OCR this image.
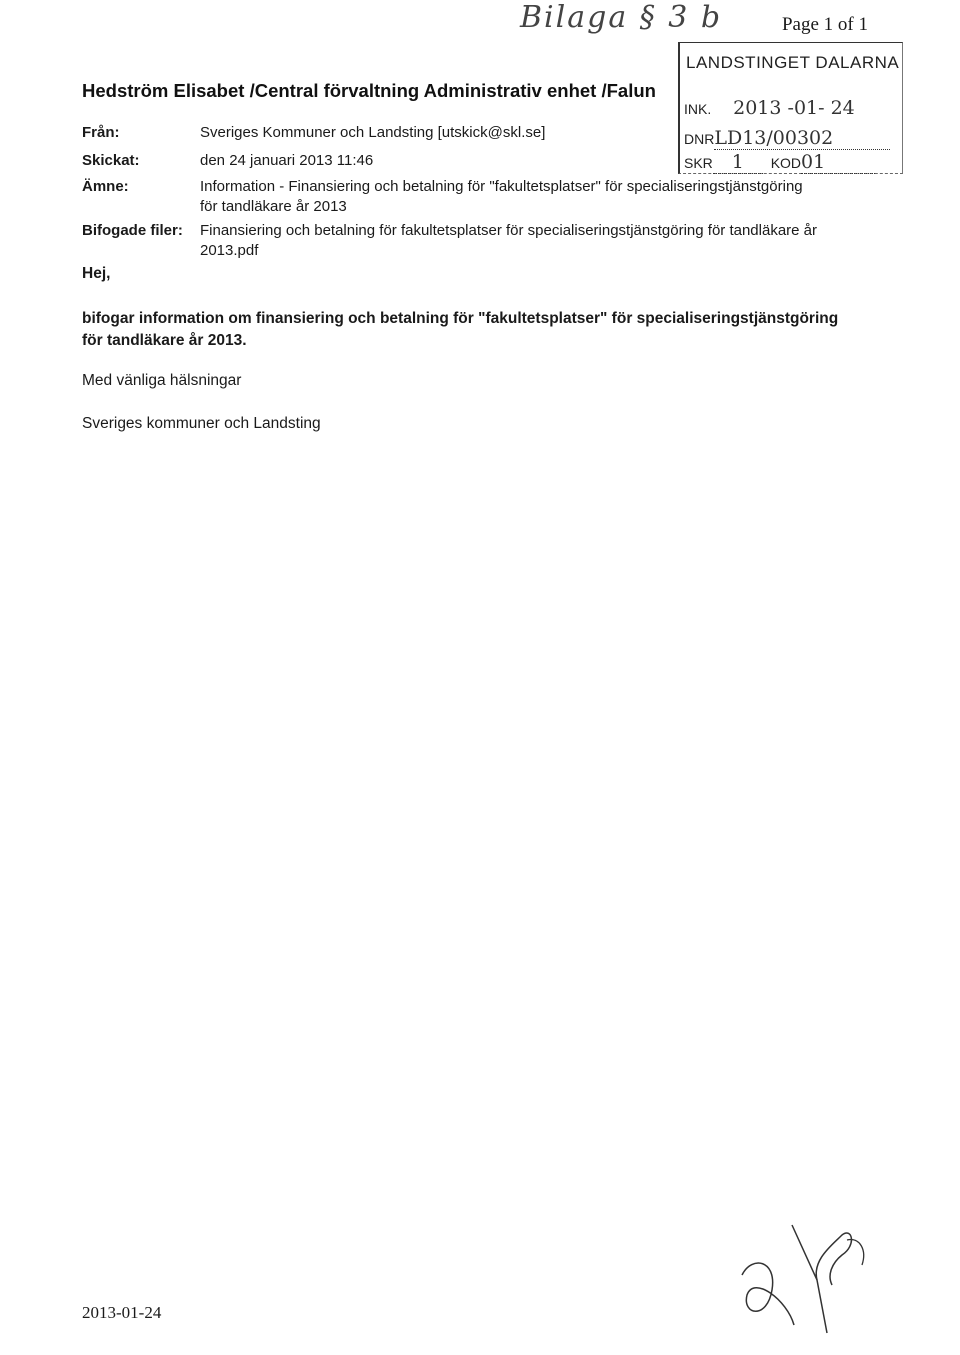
Bilaga § 3 b	Page 1 of 1
Hedström Elisabet /Central förvaltning Administrativ enhet /Falun
LANDSTINGET DALARNA
INK. 2013 -01- 24
DNRLD13/00302
SKR 1 KOD01
Från:	Sveriges Kommuner och Landsting [utskick@skl.se]
Skickat:	den 24 januari 2013 11:46
Ämne:	Information - Finansiering och betalning för "fakultetsplatser" för specialiseringstjänstgöring
för tandläkare år 2013
Bifogade filer: Finansiering och betalning för fakultetsplatser för specialiseringstjänstgöring för tandläkare år
2013.pdf
Hej,
bifogar information om finansiering och betalning för "fakultetsplatser" för specialiseringstjänstgöring
för tandläkare år 2013.
Med vänliga hälsningar
Sveriges kommuner och Landsting
2013-01-24
